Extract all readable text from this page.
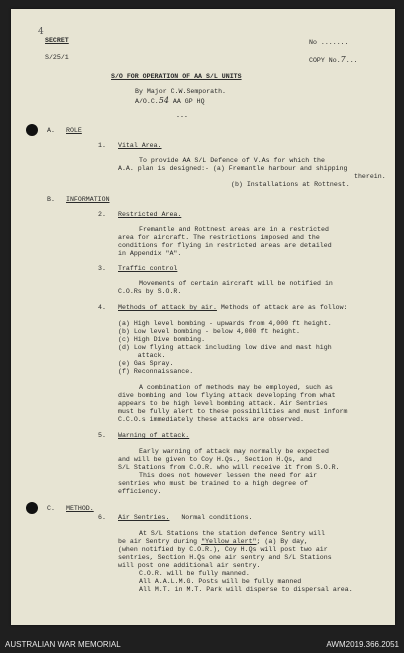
4
SECRET
S/25/1
No .......
COPY No.7...
S/O FOR OPERATION OF AA S/L UNITS
By Major C.W.Semporath.
A/O.C.54 AA GP HQ
---
A. ROLE
1. Vital Area.
To provide AA S/L Defence of V.As for which the
A.A. plan is designed:- (a) Fremantle harbour and shipping
therein.
(b) Installations at Rottnest.
B. INFORMATION
2. Restricted Area.
Fremantle and Rottnest areas are in a restricted
area for aircraft. The restrictions imposed and the
conditions for flying in restricted areas are detailed
in Appendix "A".
3. Traffic control
Movements of certain aircraft will be notified in
C.O.Rs by S.O.R.
4. Methods of attack by air. Methods of attack are as follow:
(a) High level bombing - upwards from 4,000 ft height.
(b) Low level bombing - below 4,000 ft height.
(c) High Dive bombing.
(d) Low flying attack including low dive and mast high
attack.
(e) Gas Spray.
(f) Reconnaissance.
A combination of methods may be employed, such as
dive bombing and low flying attack developing from what
appears to be high level bombing attack. Air Sentries
must be fully alert to these possibilities and must inform
C.C.O.s immediately these attacks are observed.
5. Warning of attack.
Early warning of attack may normally be expected
and will be given to Coy H.Qs., Section H.Qs, and
S/L Stations from C.O.R. who will receive it from S.O.R.
This does not however lessen the need for air
sentries who must be trained to a high degree of
efficiency.
C. METHOD.
6. Air Sentries. Normal conditions.
At S/L Stations the station defence Sentry will
be air Sentry during "Yellow alert"; (a) By day,
(when notified by C.O.R.), Coy H.Qs will post two air
sentries, Section H.Qs one air sentry and S/L Stations
will post one additional air sentry.
C.O.R. will be fully manned.
All A.A.L.M.G. Posts will be fully manned
All M.T. in M.T. Park will disperse to dispersal area.
AUSTRALIAN WAR MEMORIAL	AWM2019.366.2051
